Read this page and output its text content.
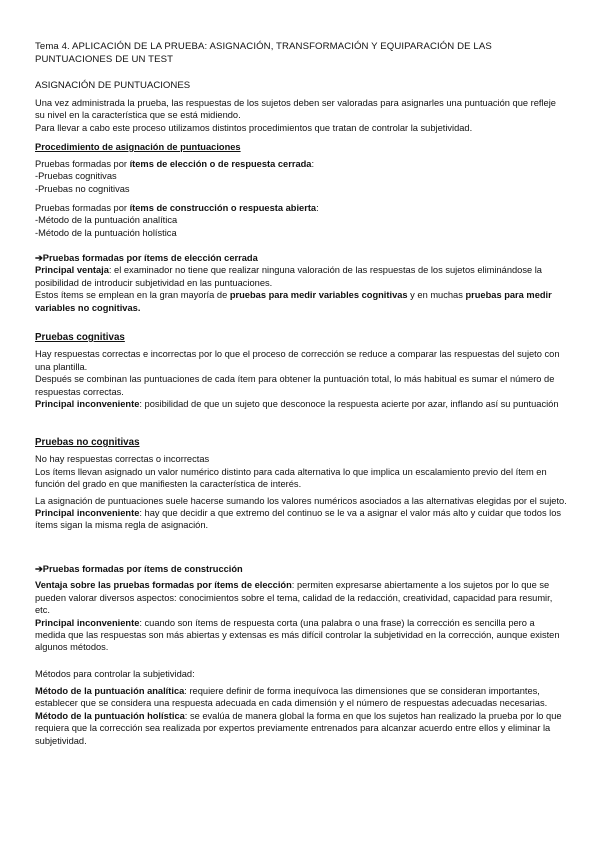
Tema 4. APLICACIÓN DE LA PRUEBA: ASIGNACIÓN, TRANSFORMACIÓN Y EQUIPARACIÓN DE LAS PUNTUACIONES DE UN TEST
ASIGNACIÓN DE PUNTUACIONES

Una vez administrada la prueba, las respuestas de los sujetos deben ser valoradas para asignarles una puntuación que refleje su nivel en la característica que se está midiendo.

Para llevar a cabo este proceso utilizamos distintos procedimientos que tratan de controlar la subjetividad.

Procedimiento de asignación de puntuaciones

Pruebas formadas por ítems de elección o de respuesta cerrada:

-Pruebas cognitivas

-Pruebas no cognitivas

Pruebas formadas por ítems de construcción o respuesta abierta:

-Método de la puntuación analítica

-Método de la puntuación holística

➔Pruebas formadas por ítems de elección cerrada

Principal ventaja: el examinador no tiene que realizar ninguna valoración de las respuestas de los sujetos eliminándose la posibilidad de introducir subjetividad en las puntuaciones.

Estos ítems se emplean en la gran mayoría de pruebas para medir variables cognitivas y en muchas pruebas para medir variables no cognitivas.

Pruebas cognitivas

Hay respuestas correctas e incorrectas por lo que el proceso de corrección se reduce a comparar las respuestas del sujeto con una plantilla.

Después se combinan las puntuaciones de cada ítem para obtener la puntuación total, lo más habitual es sumar el número de respuestas correctas.

Principal inconveniente: posibilidad de que un sujeto que desconoce la respuesta acierte por azar, inflando así su puntuación

Pruebas no cognitivas

No hay respuestas correctas o incorrectas

Los ítems llevan asignado un valor numérico distinto para cada alternativa lo que implica un escalamiento previo del ítem en función del grado en que manifiesten la característica de interés.

La asignación de puntuaciones suele hacerse sumando los valores numéricos asociados a las alternativas elegidas por el sujeto.

Principal inconveniente: hay que decidir a que extremo del continuo se le va a asignar el valor más alto y cuidar que todos los ítems sigan la misma regla de asignación.

➔Pruebas formadas por ítems de construcción

Ventaja sobre las pruebas formadas por ítems de elección: permiten expresarse abiertamente a los sujetos por lo que se pueden valorar diversos aspectos: conocimientos sobre el tema, calidad de la redacción, creatividad, capacidad para resumir, etc.

Principal inconveniente: cuando son ítems de respuesta corta (una palabra o una frase) la corrección es sencilla pero a medida que las respuestas son más abiertas y extensas es más difícil controlar la subjetividad en la corrección, aunque existen algunos métodos.

Métodos para controlar la subjetividad:

Método de la puntuación analítica: requiere definir de forma inequívoca las dimensiones que se consideran importantes, establecer que se considera una respuesta adecuada en cada dimensión y el número de respuestas adecuadas necesarias.

Método de la puntuación holística: se evalúa de manera global la forma en que los sujetos han realizado la prueba por lo que requiera que la corrección sea realizada por expertos previamente entrenados para alcanzar acuerdo entre ellos y eliminar la subjetividad.
